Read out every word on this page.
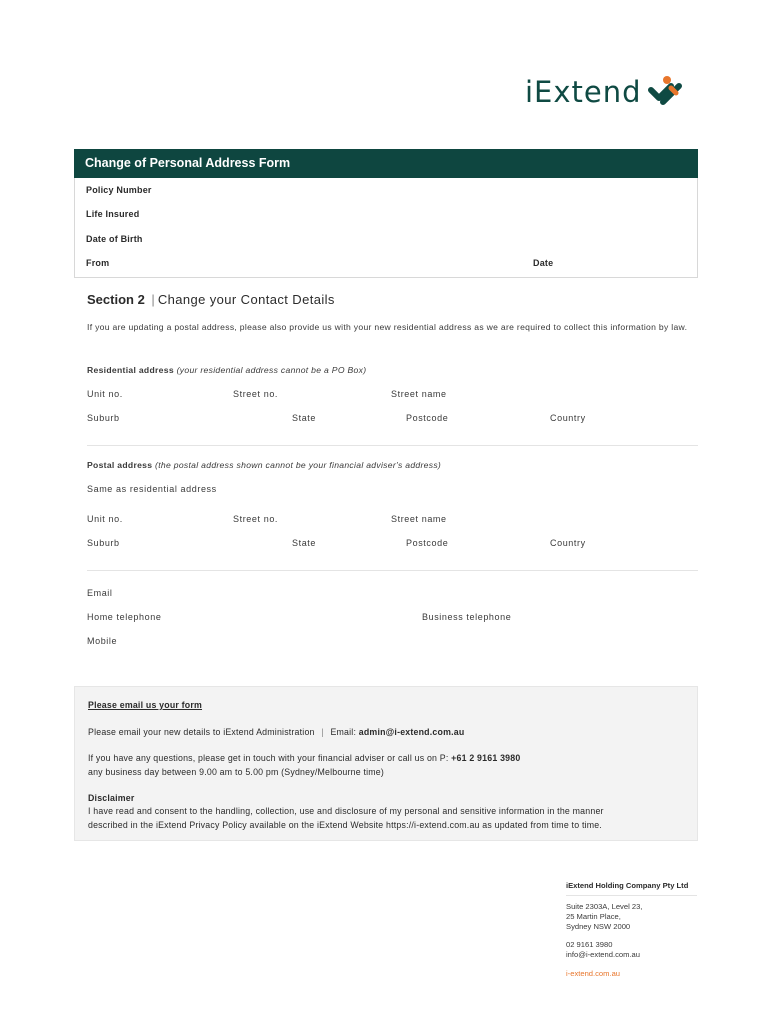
iExtend
Change of Personal Address Form
Policy Number
Life Insured
Date of Birth
From	Date
Section 2 | Change your Contact Details
If you are updating a postal address, please also provide us with your new residential address as we are required to collect this information by law.
Residential address (your residential address cannot be a PO Box)
Unit no.	Street no.	Street name
Suburb	State	Postcode	Country
Postal address (the postal address shown cannot be your financial adviser's address)
Same as residential address
Unit no.	Street no.	Street name
Suburb	State	Postcode	Country
Email
Home telephone	Business telephone
Mobile
Please email us your form
Please email your new details to iExtend Administration | Email: admin@i-extend.com.au
If you have any questions, please get in touch with your financial adviser or call us on P: +61 2 9161 3980
any business day between 9.00 am to 5.00 pm (Sydney/Melbourne time)
Disclaimer
I have read and consent to the handling, collection, use and disclosure of my personal and sensitive information in the manner
described in the iExtend Privacy Policy available on the iExtend Website https://i-extend.com.au as updated from time to time.
iExtend Holding Company Pty Ltd
Suite 2303A, Level 23,
25 Martin Place,
Sydney NSW 2000
02 9161 3980
info@i-extend.com.au
i-extend.com.au
